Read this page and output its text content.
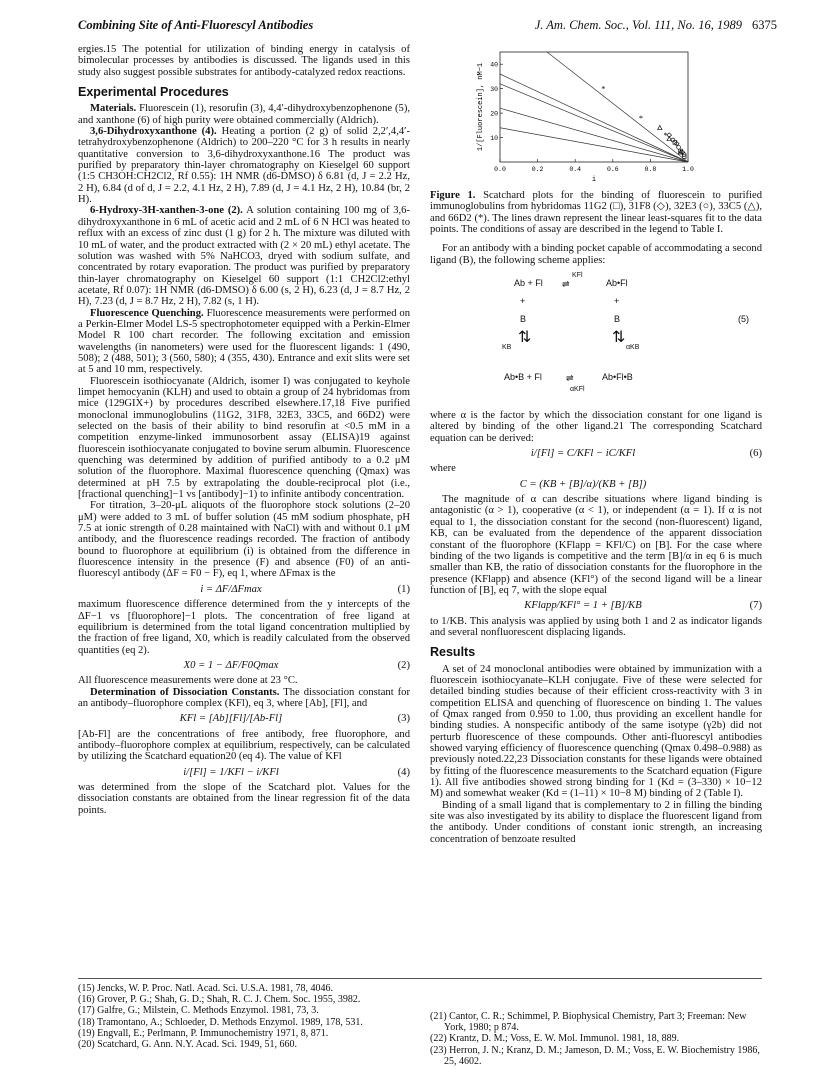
Combining Site of Anti-Fluorescyl Antibodies	J. Am. Chem. Soc., Vol. 111, No. 16, 1989 6375

ergies.15 The potential for utilization of binding energy in catalysis of bimolecular processes by antibodies is discussed. The ligands used in this study also suggest possible substrates for antibody-catalyzed redox reactions.

Experimental Procedures

Materials. Fluorescein (1), resorufin (3), 4,4′-dihydroxybenzophenone (5), and xanthone (6) of high purity were obtained commercially (Aldrich).

3,6-Dihydroxyxanthone (4). Heating a portion (2 g) of solid 2,2′,4,4′-tetrahydroxybenzophenone (Aldrich) to 200–220 °C for 3 h results in nearly quantitative conversion to 3,6-dihydroxyxanthone.16 The product was purified by preparatory thin-layer chromatography on Kieselgel 60 support (1:5 CH3OH:CH2Cl2, Rf 0.55): 1H NMR (d6-DMSO) δ 6.81 (d, J = 2.2 Hz, 2 H), 6.84 (d of d, J = 2.2, 4.1 Hz, 2 H), 7.89 (d, J = 4.1 Hz, 2 H), 10.84 (br, 2 H).

6-Hydroxy-3H-xanthen-3-one (2). A solution containing 100 mg of 3,6-dihydroxyxanthone in 6 mL of acetic acid and 2 mL of 6 N HCl was heated to reflux with an excess of zinc dust (1 g) for 2 h. The mixture was diluted with 10 mL of water, and the product extracted with (2 × 20 mL) ethyl acetate. The solution was washed with 5% NaHCO3, dryed with sodium sulfate, and concentrated by rotary evaporation. The product was purified by preparatory thin-layer chromatography on Kieselgel 60 support (1:1 CH2Cl2:ethyl acetate, Rf 0.07): 1H NMR (d6-DMSO) δ 6.00 (s, 2 H), 6.23 (d, J = 8.7 Hz, 2 H), 7.23 (d, J = 8.7 Hz, 2 H), 7.82 (s, 1 H).

Fluorescence Quenching. Fluorescence measurements were performed on a Perkin-Elmer Model LS-5 spectrophotometer equipped with a Perkin-Elmer Model R 100 chart recorder. The following excitation and emission wavelengths (in nanometers) were used for the fluorescent ligands: 1 (490, 508); 2 (488, 501); 3 (560, 580); 4 (355, 430). Entrance and exit slits were set at 5 and 10 mm, respectively.

Fluorescein isothiocyanate (Aldrich, isomer I) was conjugated to keyhole limpet hemocyanin (KLH) and used to obtain a group of 24 hybridomas from mice (129GIX+) by procedures described elsewhere.17,18 Five purified monoclonal immunoglobulins (11G2, 31F8, 32E3, 33C5, and 66D2) were selected on the basis of their ability to bind resorufin at <0.5 mM in a competition enzyme-linked immunosorbent assay (ELISA)19 against fluorescein isothiocyanate conjugated to bovine serum albumin. Fluorescence quenching was determined by addition of purified antibody to a 0.2 μM solution of the fluorophore. Maximal fluorescence quenching (Qmax) was determined at pH 7.5 by extrapolating the double-reciprocal plot (i.e., [fractional quenching]−1 vs [antibody]−1) to infinite antibody concentration.

For titration, 3–20-μL aliquots of the fluorophore stock solutions (2–20 μM) were added to 3 mL of buffer solution (45 mM sodium phosphate, pH 7.5 at ionic strength of 0.28 maintained with NaCl) with and without 0.1 μM antibody, and the fluorescence readings recorded. The fraction of antibody bound to fluorophore at equilibrium (i) is obtained from the difference in fluorescence intensity in the presence (F) and absence (F0) of an anti-fluorescyl antibody (ΔF = F0 − F), eq 1, where ΔFmax is the

i = ΔF/ΔFmax	(1)

maximum fluorescence difference determined from the y intercepts of the ΔF−1 vs [fluorophore]−1 plots. The concentration of free ligand at equilibrium is determined from the total ligand concentration multiplied by the fraction of free ligand, X0, which is readily calculated from the observed quantities (eq 2).

X0 = 1 − ΔF/F0Qmax	(2)

All fluorescence measurements were done at 23 °C.

Determination of Dissociation Constants. The dissociation constant for an antibody–fluorophore complex (KFl), eq 3, where [Ab], [Fl], and

KFl = [Ab][Fl]/[Ab-Fl]	(3)

[Ab-Fl] are the concentrations of free antibody, free fluorophore, and antibody–fluorophore complex at equilibrium, respectively, can be calculated by utilizing the Scatchard equation20 (eq 4). The value of KFl

i/[Fl] = 1/KFl − i/KFl	(4)

was determined from the slope of the Scatchard plot. Values for the dissociation constants are obtained from the linear regression fit of the data points.

0.0	0.2	0.4	0.6	0.8	1.0
10
20
30
40
1/[Fluorescein], nM−1
i
*
*
*

Figure 1. Scatchard plots for the binding of fluorescein to purified immunoglobulins from hybridomas 11G2 (□), 31F8 (◇), 32E3 (○), 33C5 (△), and 66D2 (*). The lines drawn represent the linear least-squares fit to the data points. The conditions of assay are described in the legend to Table I.

For an antibody with a binding pocket capable of accommodating a second ligand (B), the following scheme applies:

Ab + Fl
KFl
⇌	Ab•Fl
+	+
B	B	(5)
KB
⇅	⇅
αKB
Ab•B + Fl	⇌
αKFl
Ab•Fl•B

where α is the factor by which the dissociation constant for one ligand is altered by binding of the other ligand.21 The corresponding Scatchard equation can be derived:

i/[Fl] = C/KFl − iC/KFl	(6)

where

C = (KB + [B]/α)/(KB + [B])

The magnitude of α can describe situations where ligand binding is antagonistic (α > 1), cooperative (α < 1), or independent (α = 1). If α is not equal to 1, the dissociation constant for the second (non-fluorescent) ligand, KB, can be evaluated from the dependence of the apparent dissociation constant of the fluorophore (KFlapp = KFl/C) on [B]. For the case where binding of the two ligands is competitive and the term [B]/α in eq 6 is much smaller than KB, the ratio of dissociation constants for the fluorophore in the presence (KFlapp) and absence (KFl°) of the second ligand will be a linear function of [B], eq 7, with the slope equal

KFlapp/KFl° = 1 + [B]/KB	(7)

to 1/KB. This analysis was applied by using both 1 and 2 as indicator ligands and several nonfluorescent displacing ligands.

Results

A set of 24 monoclonal antibodies were obtained by immunization with a fluorescein isothiocyanate–KLH conjugate. Five of these were selected for detailed binding studies because of their efficient cross-reactivity with 3 in competition ELISA and quenching of fluorescence on binding 1. The values of Qmax ranged from 0.950 to 1.00, thus providing an excellent handle for binding studies. A nonspecific antibody of the same isotype (γ2b) did not perturb fluorescence of these compounds. Other anti-fluorescyl antibodies showed varying efficiency of fluorescence quenching (Qmax 0.498–0.988) as previously noted.22,23 Dissociation constants for these ligands were obtained by fitting of the fluorescence measurements to the Scatchard equation (Figure 1). All five antibodies showed strong binding for 1 (Kd = (3–330) × 10−12 M) and somewhat weaker (Kd = (1–11) × 10−8 M) binding of 2 (Table I).

Binding of a small ligand that is complementary to 2 in filling the binding site was also investigated by its ability to displace the fluorescent ligand from the antibody. Under conditions of constant ionic strength, an increasing concentration of benzoate resulted

(15) Jencks, W. P. Proc. Natl. Acad. Sci. U.S.A. 1981, 78, 4046.

(16) Grover, P. G.; Shah, G. D.; Shah, R. C. J. Chem. Soc. 1955, 3982.

(17) Galfre, G.; Milstein, C. Methods Enzymol. 1981, 73, 3.

(18) Tramontano, A.; Schloeder, D. Methods Enzymol. 1989, 178, 531.

(19) Engvall, E.; Perlmann, P. Immunochemistry 1971, 8, 871.

(20) Scatchard, G. Ann. N.Y. Acad. Sci. 1949, 51, 660.

(21) Cantor, C. R.; Schimmel, P. Biophysical Chemistry, Part 3; Freeman: New York, 1980; p 874.

(22) Krantz, D. M.; Voss, E. W. Mol. Immunol. 1981, 18, 889.

(23) Herron, J. N.; Kranz, D. M.; Jameson, D. M.; Voss, E. W. Biochemistry 1986, 25, 4602.
